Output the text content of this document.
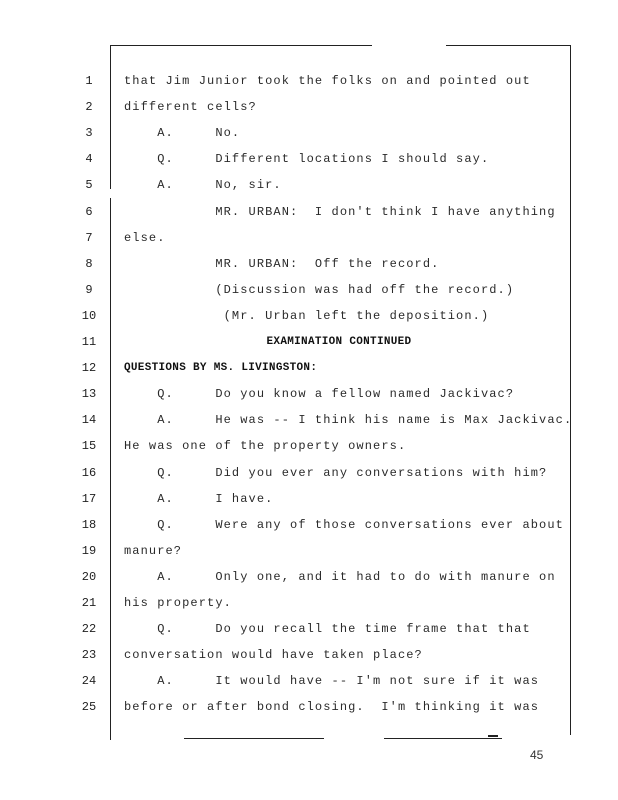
1	that Jim Junior took the folks on and pointed out
2	different cells?
3	A.     No.
4	Q.     Different locations I should say.
5	A.     No, sir.
6	MR. URBAN:  I don't think I have anything
7	else.
8	MR. URBAN:  Off the record.
9	(Discussion was had off the record.)
10	(Mr. Urban left the deposition.)
11	EXAMINATION CONTINUED
12	QUESTIONS BY MS. LIVINGSTON:
13	Q.     Do you know a fellow named Jackivac?
14	A.     He was -- I think his name is Max Jackivac.
15	He was one of the property owners.
16	Q.     Did you ever any conversations with him?
17	A.     I have.
18	Q.     Were any of those conversations ever about
19	manure?
20	A.     Only one, and it had to do with manure on
21	his property.
22	Q.     Do you recall the time frame that that
23	conversation would have taken place?
24	A.     It would have -- I'm not sure if it was
25	before or after bond closing.  I'm thinking it was
45
